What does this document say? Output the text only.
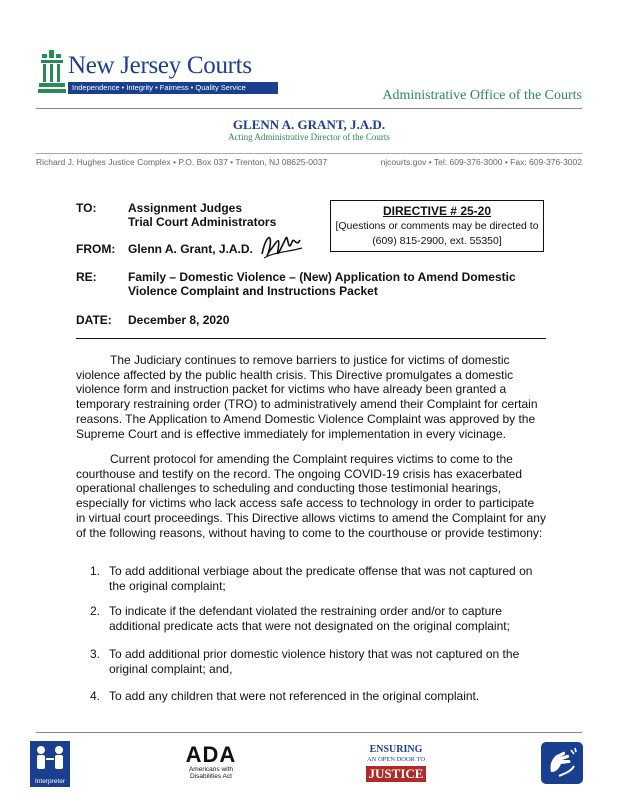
New Jersey Courts
Independence • Integrity • Fairness • Quality Service
Administrative Office of the Courts
GLENN A. GRANT, J.A.D.
Acting Administrative Director of the Courts
Richard J. Hughes Justice Complex • P.O. Box 037 • Trenton, NJ 08625-0037	njcourts.gov • Tel: 609-376-3000 • Fax: 609-376-3002
TO:	Assignment Judges
Trial Court Administrators
FROM: Glenn A. Grant, J.A.D.
DIRECTIVE # 25-20
[Questions or comments may be directed to
(609) 815-2900, ext. 55350]
RE:	Family – Domestic Violence – (New) Application to Amend Domestic
Violence Complaint and Instructions Packet
DATE: December 8, 2020

The Judiciary continues to remove barriers to justice for victims of domestic violence affected by the public health crisis. This Directive promulgates a domestic violence form and instruction packet for victims who have already been granted a temporary restraining order (TRO) to administratively amend their Complaint for certain reasons. The Application to Amend Domestic Violence Complaint was approved by the Supreme Court and is effective immediately for implementation in every vicinage.

Current protocol for amending the Complaint requires victims to come to the courthouse and testify on the record. The ongoing COVID-19 crisis has exacerbated operational challenges to scheduling and conducting those testimonial hearings, especially for victims who lack access safe access to technology in order to participate in virtual court proceedings. This Directive allows victims to amend the Complaint for any of the following reasons, without having to come to the courthouse or provide testimony:

1. To add additional verbiage about the predicate offense that was not captured on the original complaint;
2. To indicate if the defendant violated the restraining order and/or to capture additional predicate acts that were not designated on the original complaint;
3. To add additional prior domestic violence history that was not captured on the original complaint; and,
4. To add any children that were not referenced in the original complaint.
Interpreter
ADA
Americans with
Disabilities Act
ENSURING
AN OPEN DOOR TO
JUSTICE
